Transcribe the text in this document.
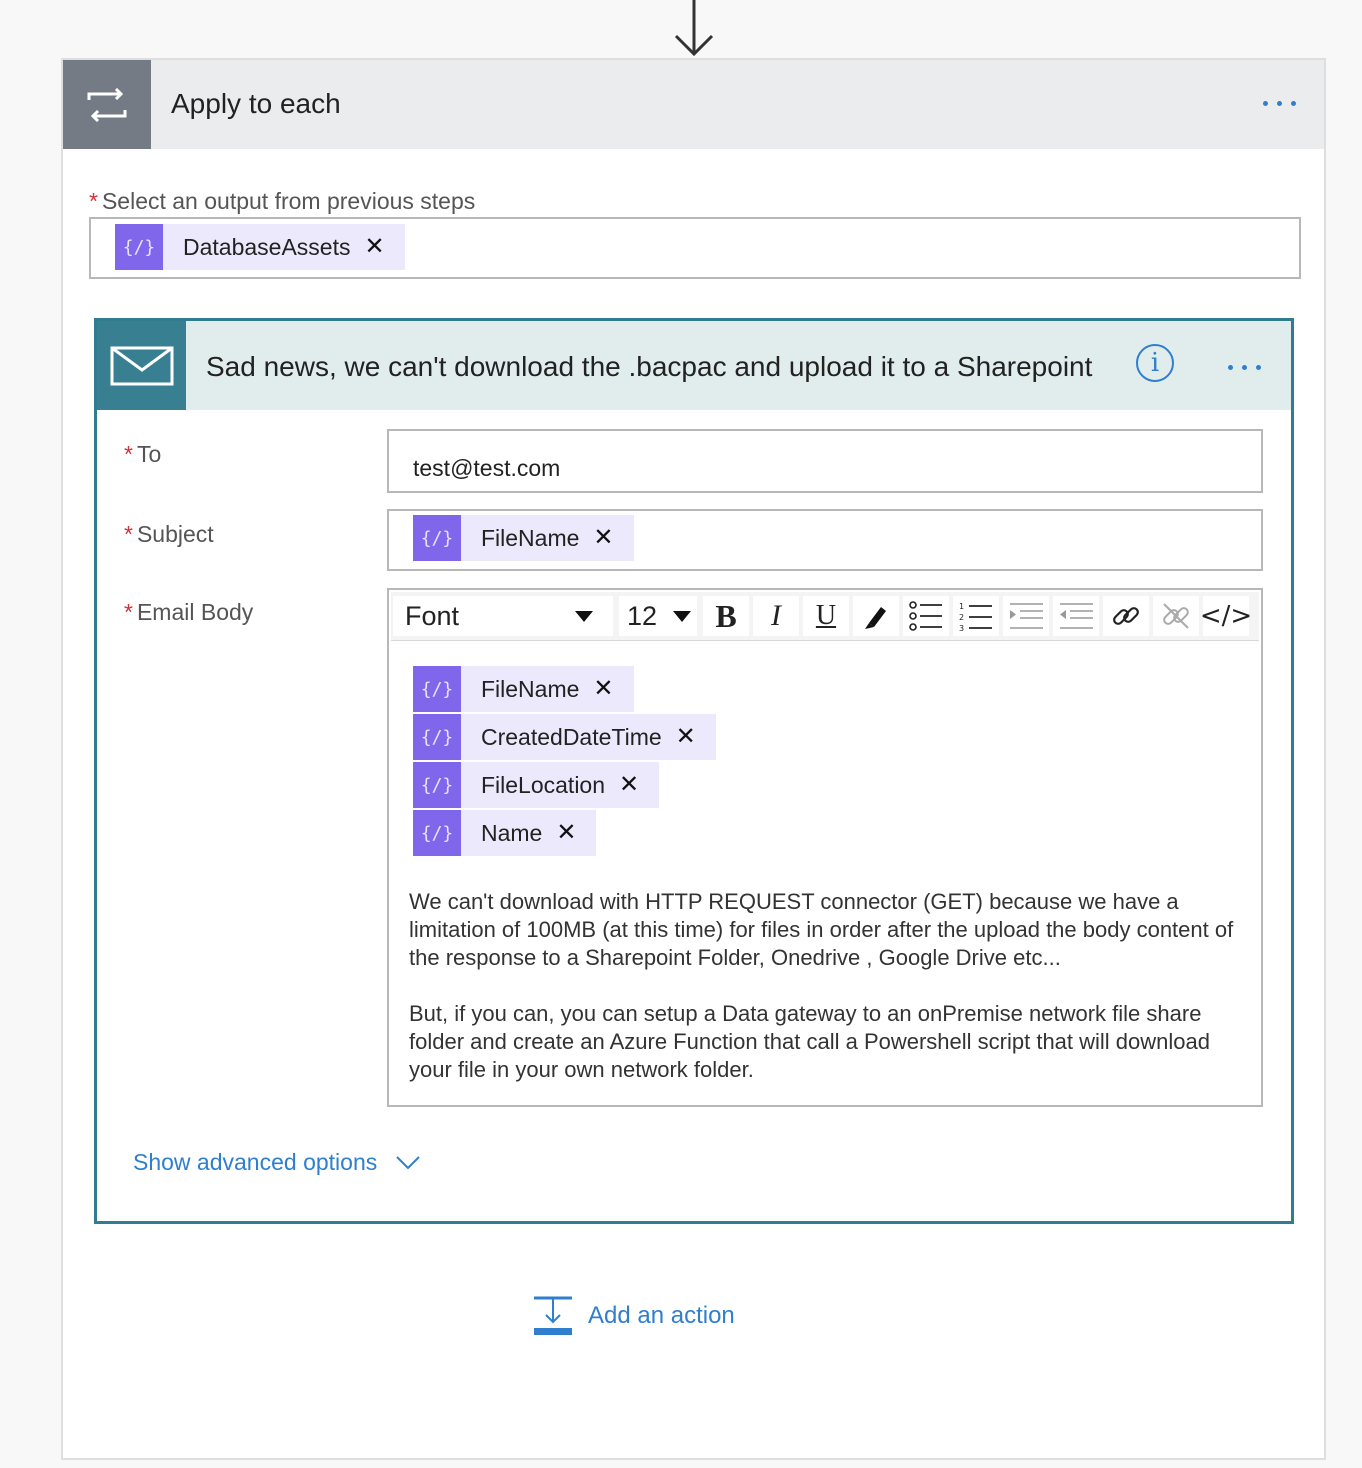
Apply to each
* Select an output from previous steps
{/}	DatabaseAssets ✕
Sad news, we can't download the .bacpac and upload it to a Sharepoint	i
* To
test@test.com
* Subject	{/}	FileName ✕
* Email Body	Font	12 B I U	1
2
3	</>
{/}	FileName ✕
{/}	CreatedDateTime ✕
{/}	FileLocation ✕
{/}	Name ✕
We can't download with HTTP REQUEST connector (GET) because we have a limitation of 100MB (at this time) for files in order after the upload the body content of the response to a Sharepoint Folder, Onedrive , Google Drive etc...
But, if you can, you can setup a Data gateway to an onPremise network file share folder and create an Azure Function that call a Powershell script that will download your file in your own network folder.
Show advanced options
Add an action
